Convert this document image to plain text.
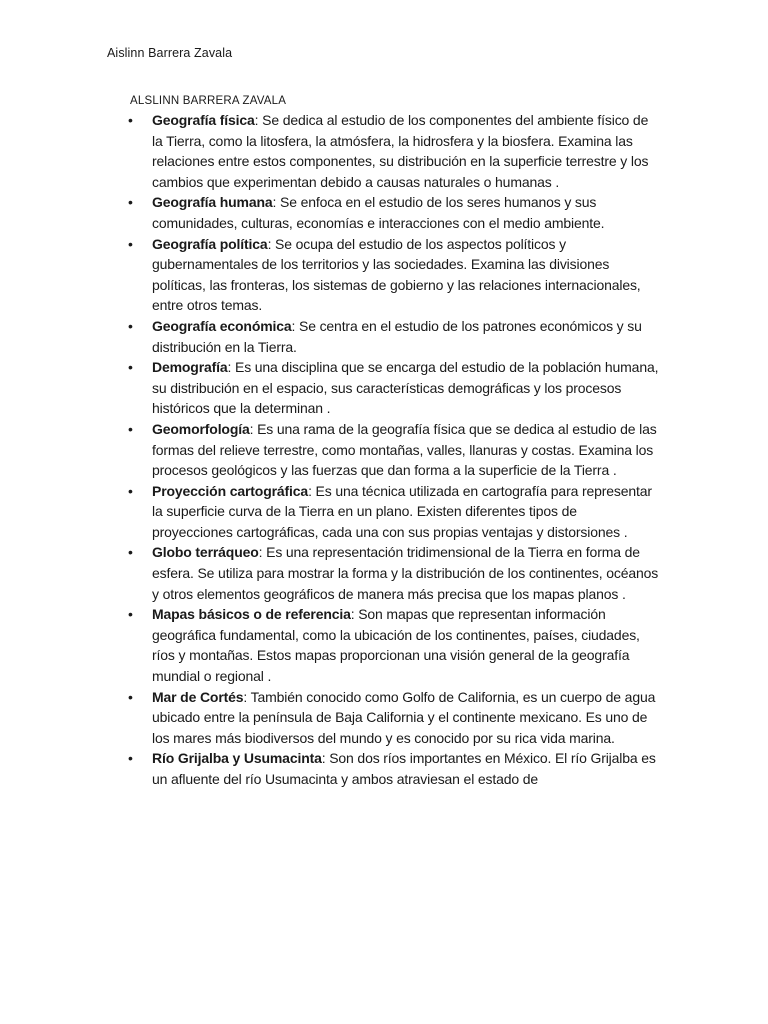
Aislinn Barrera Zavala
ALSLINN BARRERA ZAVALA
• Geografía física: Se dedica al estudio de los componentes del ambiente físico de la Tierra, como la litosfera, la atmósfera, la hidrosfera y la biosfera. Examina las relaciones entre estos componentes, su distribución en la superficie terrestre y los cambios que experimentan debido a causas naturales o humanas .
• Geografía humana: Se enfoca en el estudio de los seres humanos y sus comunidades, culturas, economías e interacciones con el medio ambiente.
• Geografía política: Se ocupa del estudio de los aspectos políticos y gubernamentales de los territorios y las sociedades. Examina las divisiones políticas, las fronteras, los sistemas de gobierno y las relaciones internacionales, entre otros temas.
• Geografía económica: Se centra en el estudio de los patrones económicos y su distribución en la Tierra.
• Demografía: Es una disciplina que se encarga del estudio de la población humana, su distribución en el espacio, sus características demográficas y los procesos históricos que la determinan .
• Geomorfología: Es una rama de la geografía física que se dedica al estudio de las formas del relieve terrestre, como montañas, valles, llanuras y costas. Examina los procesos geológicos y las fuerzas que dan forma a la superficie de la Tierra .
• Proyección cartográfica: Es una técnica utilizada en cartografía para representar la superficie curva de la Tierra en un plano. Existen diferentes tipos de proyecciones cartográficas, cada una con sus propias ventajas y distorsiones .
• Globo terráqueo: Es una representación tridimensional de la Tierra en forma de esfera. Se utiliza para mostrar la forma y la distribución de los continentes, océanos y otros elementos geográficos de manera más precisa que los mapas planos .
• Mapas básicos o de referencia: Son mapas que representan información geográfica fundamental, como la ubicación de los continentes, países, ciudades, ríos y montañas. Estos mapas proporcionan una visión general de la geografía mundial o regional .
• Mar de Cortés: También conocido como Golfo de California, es un cuerpo de agua ubicado entre la península de Baja California y el continente mexicano. Es uno de los mares más biodiversos del mundo y es conocido por su rica vida marina.
• Río Grijalba y Usumacinta: Son dos ríos importantes en México. El río Grijalba es un afluente del río Usumacinta y ambos atraviesan el estado de
